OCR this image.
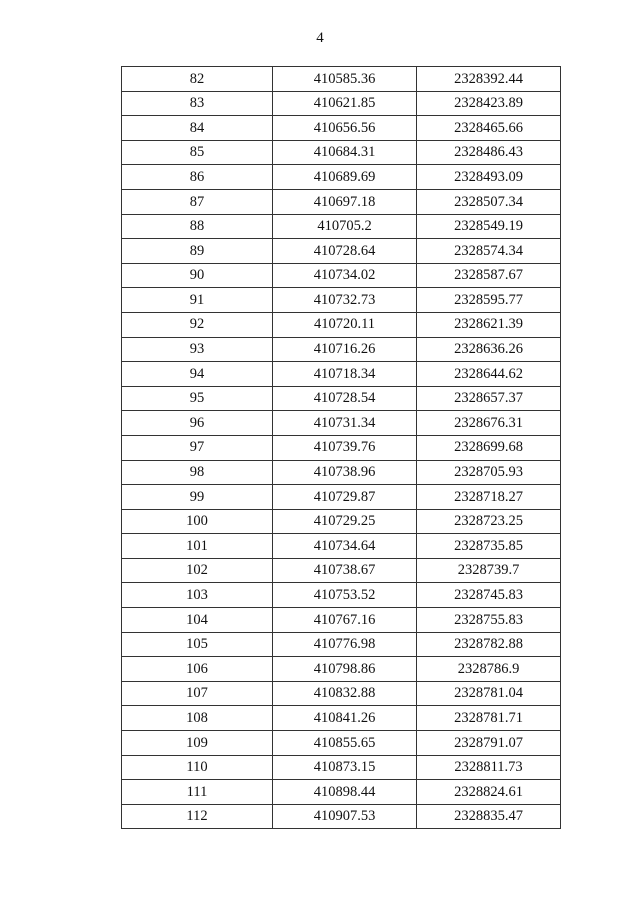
4
82	410585.36	2328392.44
83	410621.85	2328423.89
84	410656.56	2328465.66
85	410684.31	2328486.43
86	410689.69	2328493.09
87	410697.18	2328507.34
88	410705.2	2328549.19
89	410728.64	2328574.34
90	410734.02	2328587.67
91	410732.73	2328595.77
92	410720.11	2328621.39
93	410716.26	2328636.26
94	410718.34	2328644.62
95	410728.54	2328657.37
96	410731.34	2328676.31
97	410739.76	2328699.68
98	410738.96	2328705.93
99	410729.87	2328718.27
100	410729.25	2328723.25
101	410734.64	2328735.85
102	410738.67	2328739.7
103	410753.52	2328745.83
104	410767.16	2328755.83
105	410776.98	2328782.88
106	410798.86	2328786.9
107	410832.88	2328781.04
108	410841.26	2328781.71
109	410855.65	2328791.07
110	410873.15	2328811.73
111	410898.44	2328824.61
112	410907.53	2328835.47
